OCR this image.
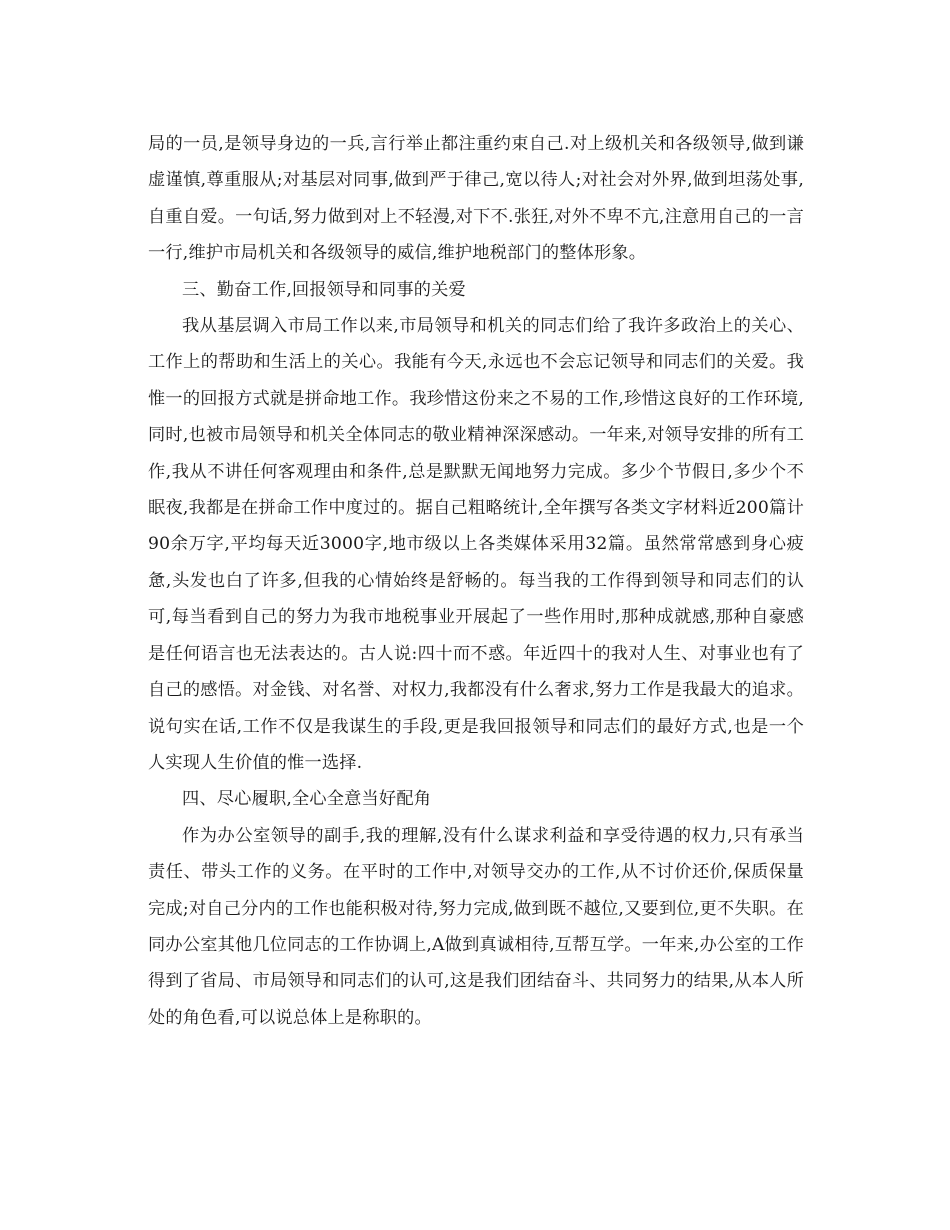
局的一员,是领导身边的一兵,言行举止都注重约束自己.对上级机关和各级领导,做到谦虚谨慎,尊重服从;对基层对同事,做到严于律己,宽以待人;对社会对外界,做到坦荡处事,自重自爱。一句话,努力做到对上不轻漫,对下不.张狂,对外不卑不亢,注意用自己的一言一行,维护市局机关和各级领导的威信,维护地税部门的整体形象。

三、勤奋工作,回报领导和同事的关爱

我从基层调入市局工作以来,市局领导和机关的同志们给了我许多政治上的关心、工作上的帮助和生活上的关心。我能有今天,永远也不会忘记领导和同志们的关爱。我惟一的回报方式就是拼命地工作。我珍惜这份来之不易的工作,珍惜这良好的工作环境,同时,也被市局领导和机关全体同志的敬业精神深深感动。一年来,对领导安排的所有工作,我从不讲任何客观理由和条件,总是默默无闻地努力完成。多少个节假日,多少个不眠夜,我都是在拼命工作中度过的。据自己粗略统计,全年撰写各类文字材料近200篇计90余万字,平均每天近3000字,地市级以上各类媒体采用32篇。虽然常常感到身心疲惫,头发也白了许多,但我的心情始终是舒畅的。每当我的工作得到领导和同志们的认可,每当看到自己的努力为我市地税事业开展起了一些作用时,那种成就感,那种自豪感是任何语言也无法表达的。古人说:四十而不惑。年近四十的我对人生、对事业也有了自己的感悟。对金钱、对名誉、对权力,我都没有什么奢求,努力工作是我最大的追求。说句实在话,工作不仅是我谋生的手段,更是我回报领导和同志们的最好方式,也是一个人实现人生价值的惟一选择.

四、尽心履职,全心全意当好配角

作为办公室领导的副手,我的理解,没有什么谋求利益和享受待遇的权力,只有承当责任、带头工作的义务。在平时的工作中,对领导交办的工作,从不讨价还价,保质保量完成;对自己分内的工作也能积极对待,努力完成,做到既不越位,又要到位,更不失职。在同办公室其他几位同志的工作协调上,A做到真诚相待,互帮互学。一年来,办公室的工作得到了省局、市局领导和同志们的认可,这是我们团结奋斗、共同努力的结果,从本人所处的角色看,可以说总体上是称职的。
